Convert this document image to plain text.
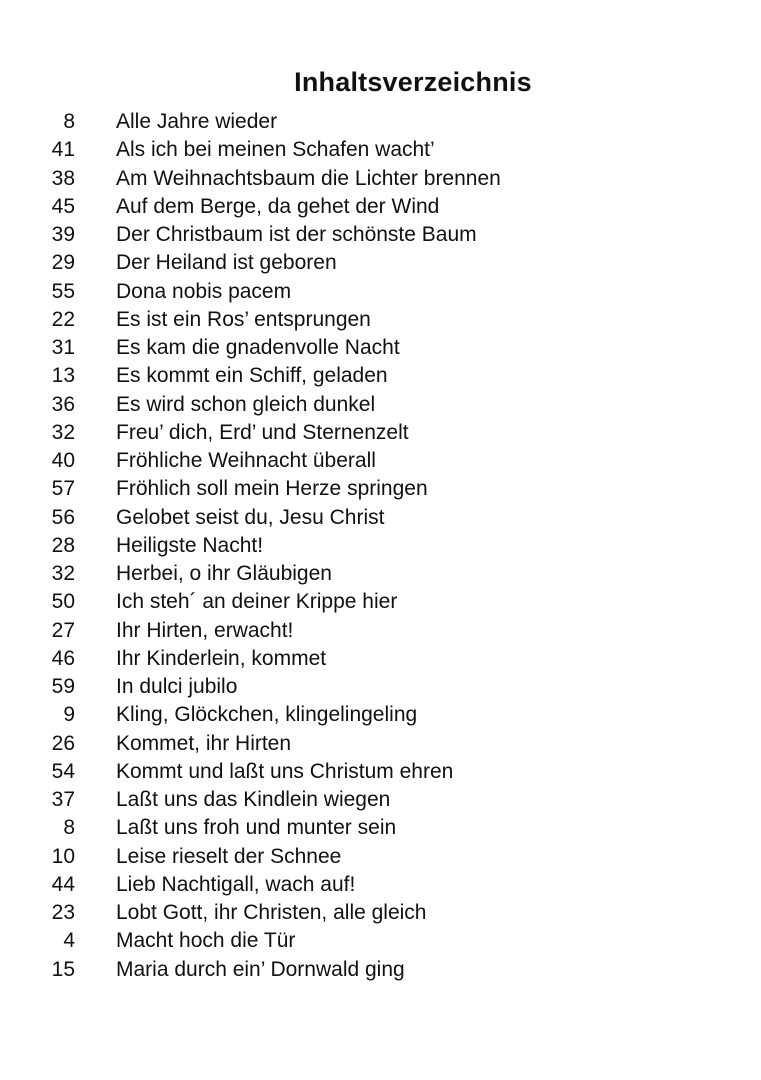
Inhaltsverzeichnis
8 Alle Jahre wieder
41 Als ich bei meinen Schafen wacht’
38 Am Weihnachtsbaum die Lichter brennen
45 Auf dem Berge, da gehet der Wind
39 Der Christbaum ist der schönste Baum
29 Der Heiland ist geboren
55 Dona nobis pacem
22 Es ist ein Ros’ entsprungen
31 Es kam die gnadenvolle Nacht
13 Es kommt ein Schiff, geladen
36 Es wird schon gleich dunkel
32 Freu’ dich, Erd’ und Sternenzelt
40 Fröhliche Weihnacht überall
57 Fröhlich soll mein Herze springen
56 Gelobet seist du, Jesu Christ
28 Heiligste Nacht!
32 Herbei, o ihr Gläubigen
50 Ich steh´ an deiner Krippe hier
27 Ihr Hirten, erwacht!
46 Ihr Kinderlein, kommet
59 In dulci jubilo
9 Kling, Glöckchen, klingelingeling
26 Kommet, ihr Hirten
54 Kommt und laßt uns Christum ehren
37 Laßt uns das Kindlein wiegen
8 Laßt uns froh und munter sein
10 Leise rieselt der Schnee
44 Lieb Nachtigall, wach auf!
23 Lobt Gott, ihr Christen, alle gleich
4 Macht hoch die Tür
15 Maria durch ein’ Dornwald ging
